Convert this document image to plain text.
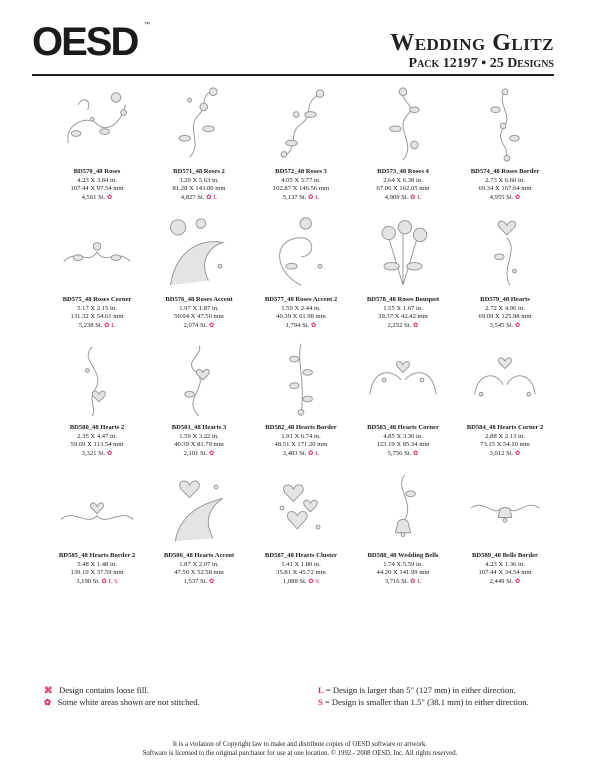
OESD ™
Wedding Glitz
Pack 12197 • 25 Designs
BD570_48 Roses
4.23 X 3.84 in.
107.44 X 97.54 mm
4,561 St. ✿
BD571_48 Roses 2
3.20 X 5.63 in.
81.28 X 143.00 mm
4,827 St. ✿ L
BD572_48 Roses 3
4.05 X 5.77 in.
102.87 X 146.56 mm
5,137 St. ✿ L
BD573_48 Roses 4
2.64 X 6.38 in.
67.06 X 162.05 mm
4,909 St. ✿ L
BD574_48 Roses Border
2.73 X 6.60 in.
69.34 X 167.64 mm
4,955 St. ✿
BD575_48 Roses Corner
5.17 X 2.15 in.
131.32 X 54.61 mm
5,238 St. ✿ L
BD576_48 Roses Accent
1.97 X 1.87 in.
50.04 X 47.50 mm
2,074 St. ✿
BD577_48 Roses Accent 2
1.59 X 2.44 in.
40.39 X 61.98 mm
1,794 St. ✿
BD578_48 Roses Bouquet
1.55 X 1.67 in.
39.37 X 42.42 mm
2,252 St. ✿
BD579_48 Hearts
2.72 X 4.96 in.
69.09 X 125.98 mm
3,545 St. ✿
BD580_48 Hearts 2
2.35 X 4.47 in.
59.69 X 113.54 mm
3,321 St. ✿
BD581_48 Hearts 3
1.59 X 3.22 in.
40.39 X 81.79 mm
2,101 St. ✿
BD582_48 Hearts Border
1.91 X 6.74 in.
48.51 X 171.20 mm
3,483 St. ✿ L
BD583_48 Hearts Corner
4.85 X 3.36 in.
123.19 X 85.34 mm
5,756 St. ✿
BD584_48 Hearts Corner 2
2.88 X 2.13 in.
73.15 X 54.10 mm
3,012 St. ✿
BD585_48 Hearts Border 2
5.48 X 1.48 in.
139.19 X 37.59 mm
3,190 St. ✿ L S
BD586_48 Hearts Accent
1.87 X 2.07 in.
47.50 X 52.58 mm
1,537 St. ✿
BD587_48 Hearts Cluster
1.41 X 1.80 in.
35.81 X 45.72 mm
1,088 St. ✿ S
BD588_48 Wedding Bells
1.74 X 5.59 in.
44.20 X 141.99 mm
3,716 St. ✿ L
BD589_48 Bells Border
4.23 X 1.36 in.
107.44 X 34.54 mm
2,449 St. ✿
⌘ Design contains loose fill.
✿ Some white areas shown are not stitched.
L = Design is larger than 5" (127 mm) in either direction.
S = Design is smaller than 1.5" (38.1 mm) in either direction.
It is a violation of Copyright law to make and distribute copies of OESD software or artwork.
Software is licensed to the original purchaser for use at one location. © 1992 - 2008 OESD, Inc. All rights reserved.
